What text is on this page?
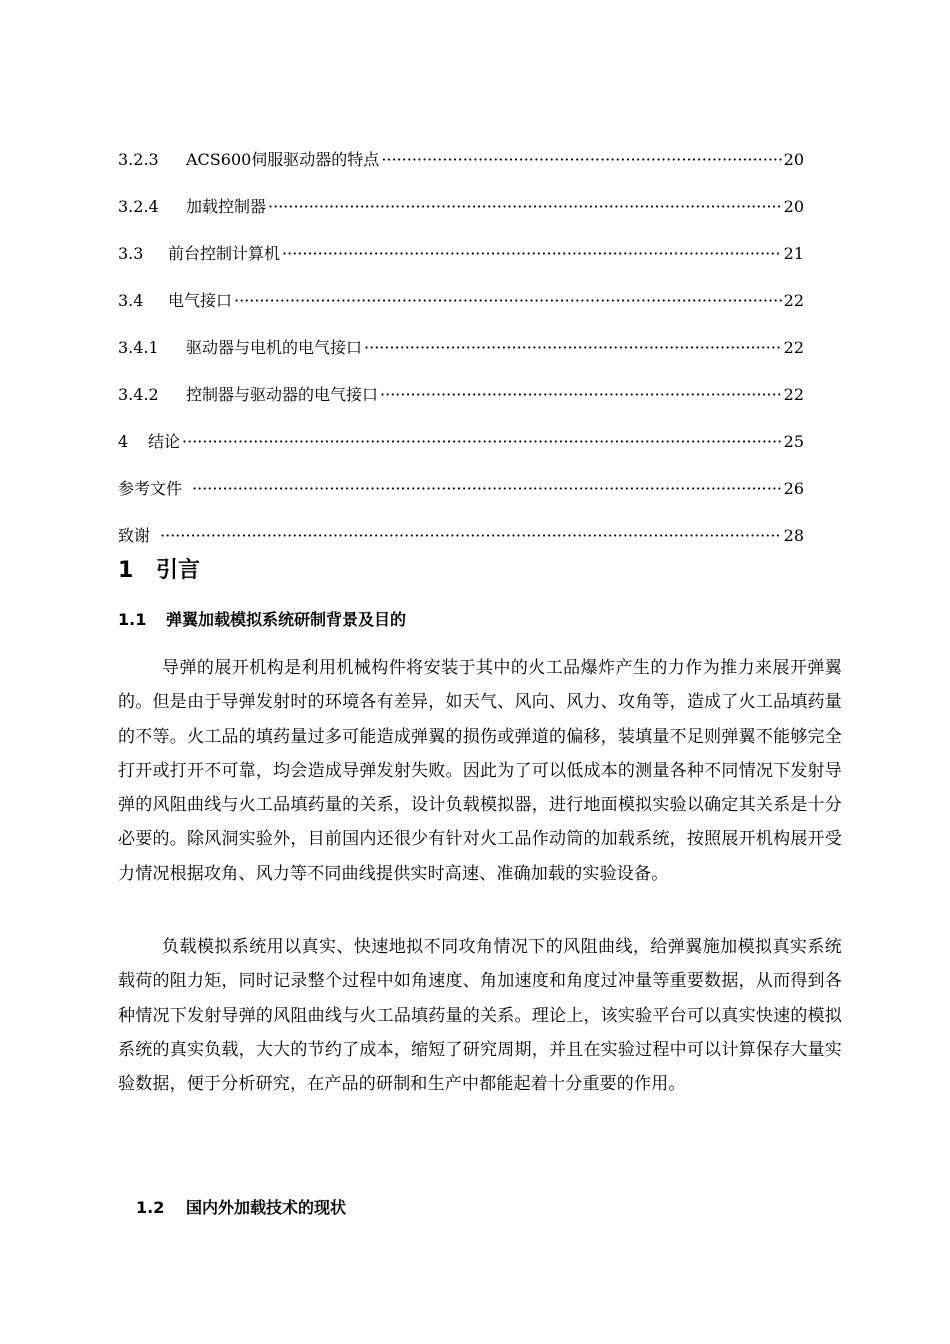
3.2.3	ACS600伺服驱动器的特点 ·····	20
3.2.4	加载控制器 ·····	20
3.3	前台控制计算机 ·····	21
3.4	电气接口 ·····	22
3.4.1	驱动器与电机的电气接口 ·····	22
3.4.2	控制器与驱动器的电气接口 ·····	22
4	结论 ·····	25
参考文件 ·····	26
致谢 ·····	28
1 引言
1.1 弹翼加载模拟系统研制背景及目的
导弹的展开机构是利用机械构件将安装于其中的火工品爆炸产生的力作为推力来展开弹翼的。但是由于导弹发射时的环境各有差异，如天气、风向、风力、攻角等，造成了火工品填药量的不等。火工品的填药量过多可能造成弹翼的损伤或弹道的偏移，装填量不足则弹翼不能够完全打开或打开不可靠，均会造成导弹发射失败。因此为了可以低成本的测量各种不同情况下发射导弹的风阻曲线与火工品填药量的关系，设计负载模拟器，进行地面模拟实验以确定其关系是十分必要的。除风洞实验外，目前国内还很少有针对火工品作动筒的加载系统，按照展开机构展开受力情况根据攻角、风力等不同曲线提供实时高速、准确加载的实验设备。
负载模拟系统用以真实、快速地拟不同攻角情况下的风阻曲线，给弹翼施加模拟真实系统载荷的阻力矩，同时记录整个过程中如角速度、角加速度和角度过冲量等重要数据，从而得到各种情况下发射导弹的风阻曲线与火工品填药量的关系。理论上，该实验平台可以真实快速的模拟系统的真实负载，大大的节约了成本，缩短了研究周期，并且在实验过程中可以计算保存大量实验数据，便于分析研究，在产品的研制和生产中都能起着十分重要的作用。
1.2 国内外加载技术的现状
